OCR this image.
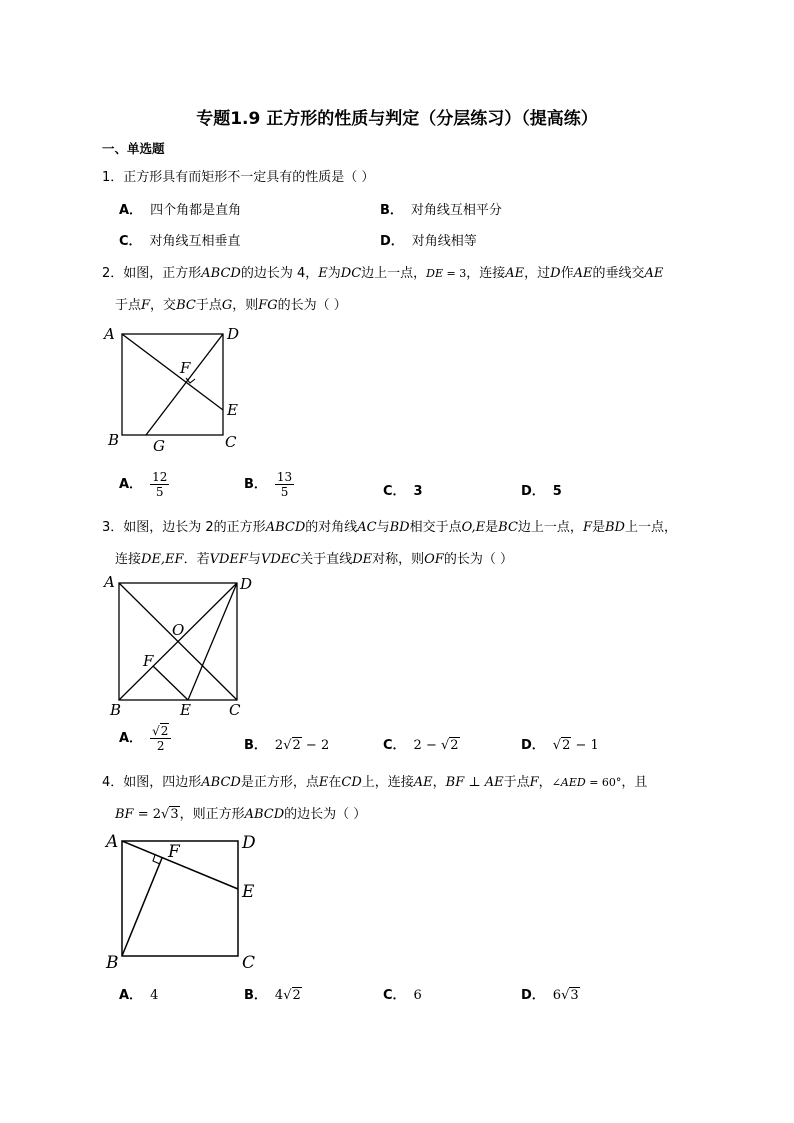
专题1.9 正方形的性质与判定（分层练习）（提高练）
一、单选题
1．正方形具有而矩形不一定具有的性质是（ ）
A． 四个角都是直角	B． 对角线互相平分
C． 对角线互相垂直	D． 对角线相等
2．如图，正方形ABCD的边长为 4，E为DC边上一点，DE = 3，连接AE，过D作AE的垂线交AE
于点F，交BC于点G，则FG的长为（ ）
A	D
B	C
E
F
G
A． $\frac{12}{5}$	B． $\frac{13}{5}$	C． 3	D． 5
3．如图，边长为 2的正方形ABCD的对角线AC与BD相交于点O,E是BC边上一点，F是BD上一点，
连接DE,EF．若VDEF与VDEC关于直线DE对称，则OF的长为（ ）
A	D
B	C
E
F
O
A． $\frac{√2}{2}$	B． 2√2 − 2	C． 2 − √2	D． √2 − 1
4．如图，四边形ABCD是正方形，点E在CD上，连接AE，BF ⊥ AE于点F，∠AED = 60°，且
BF = 2√3，则正方形ABCD的边长为（ ）
A	D
B	C
E
F
A． 4	B． 4√2	C． 6	D． 6√3
